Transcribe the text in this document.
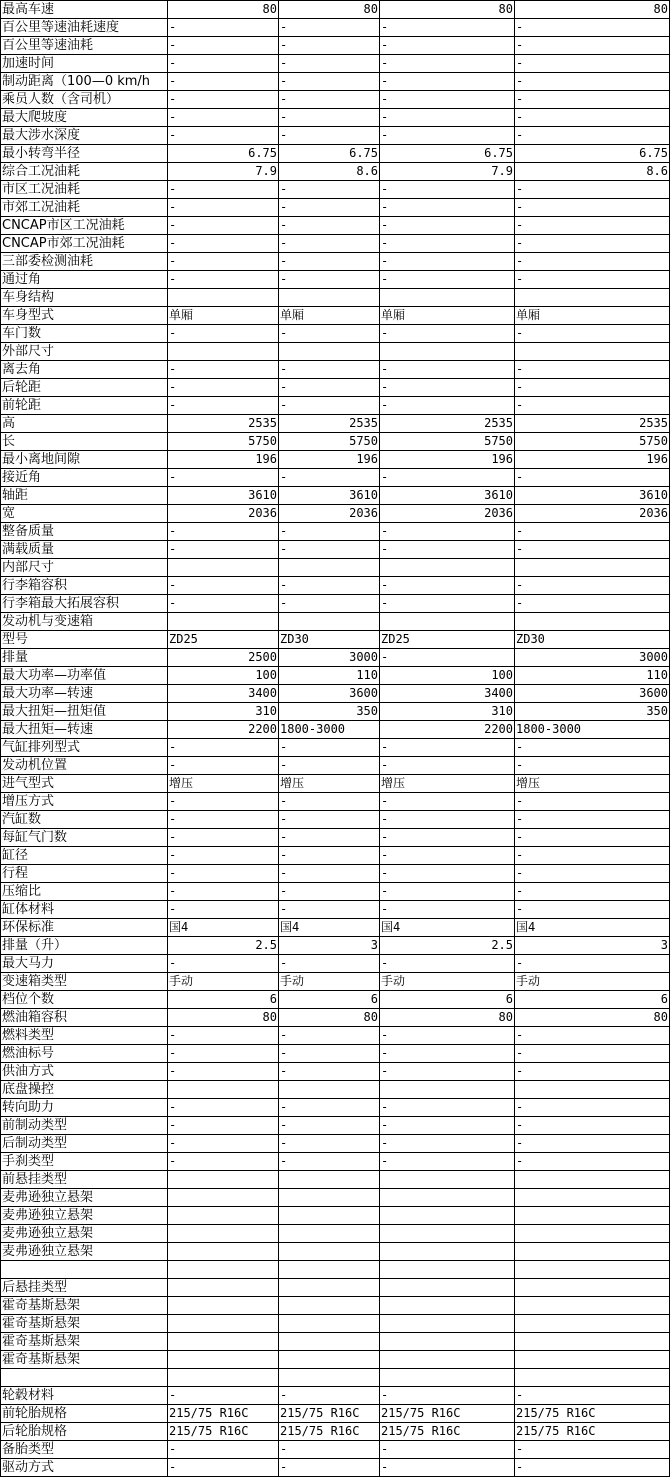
最高车速	80	80	80	80
百公里等速油耗速度	-	-	-	-
百公里等速油耗	-	-	-	-
加速时间	-	-	-	-
制动距离（100—0 km/h	-	-	-	-
乘员人数（含司机）	-	-	-	-
最大爬坡度	-	-	-	-
最大涉水深度	-	-	-	-
最小转弯半径	6.75	6.75	6.75	6.75
综合工况油耗	7.9	8.6	7.9	8.6
市区工况油耗	-	-	-	-
市郊工况油耗	-	-	-	-
CNCAP市区工况油耗	-	-	-	-
CNCAP市郊工况油耗	-	-	-	-
三部委检测油耗	-	-	-	-
通过角	-	-	-	-
车身结构				
车身型式	单厢	单厢	单厢	单厢
车门数	-	-	-	-
外部尺寸				
离去角	-	-	-	-
后轮距	-	-	-	-
前轮距	-	-	-	-
高	2535	2535	2535	2535
长	5750	5750	5750	5750
最小离地间隙	196	196	196	196
接近角	-	-	-	-
轴距	3610	3610	3610	3610
宽	2036	2036	2036	2036
整备质量	-	-	-	-
满载质量	-	-	-	-
内部尺寸				
行李箱容积	-	-	-	-
行李箱最大拓展容积	-	-	-	-
发动机与变速箱				
型号	ZD25	ZD30	ZD25	ZD30
排量	2500	3000	-	3000
最大功率—功率值	100	110	100	110
最大功率—转速	3400	3600	3400	3600
最大扭矩—扭矩值	310	350	310	350
最大扭矩—转速	2200	1800-3000	2200	1800-3000
气缸排列型式	-	-	-	-
发动机位置	-	-	-	-
进气型式	增压	增压	增压	增压
增压方式	-	-	-	-
汽缸数	-	-	-	-
每缸气门数	-	-	-	-
缸径	-	-	-	-
行程	-	-	-	-
压缩比	-	-	-	-
缸体材料	-	-	-	-
环保标准	国4	国4	国4	国4
排量（升）	2.5	3	2.5	3
最大马力	-	-	-	-
变速箱类型	手动	手动	手动	手动
档位个数	6	6	6	6
燃油箱容积	80	80	80	80
燃料类型	-	-	-	-
燃油标号	-	-	-	-
供油方式	-	-	-	-
底盘操控				
转向助力	-	-	-	-
前制动类型	-	-	-	-
后制动类型	-	-	-	-
手刹类型	-	-	-	-
前悬挂类型				
麦弗逊独立悬架				
麦弗逊独立悬架				
麦弗逊独立悬架				
麦弗逊独立悬架				

后悬挂类型				
霍奇基斯悬架				
霍奇基斯悬架				
霍奇基斯悬架				
霍奇基斯悬架				

轮毂材料	-	-	-	-
前轮胎规格	215/75 R16C	215/75 R16C	215/75 R16C	215/75 R16C
后轮胎规格	215/75 R16C	215/75 R16C	215/75 R16C	215/75 R16C
备胎类型	-	-	-	-
驱动方式	-	-	-	-
